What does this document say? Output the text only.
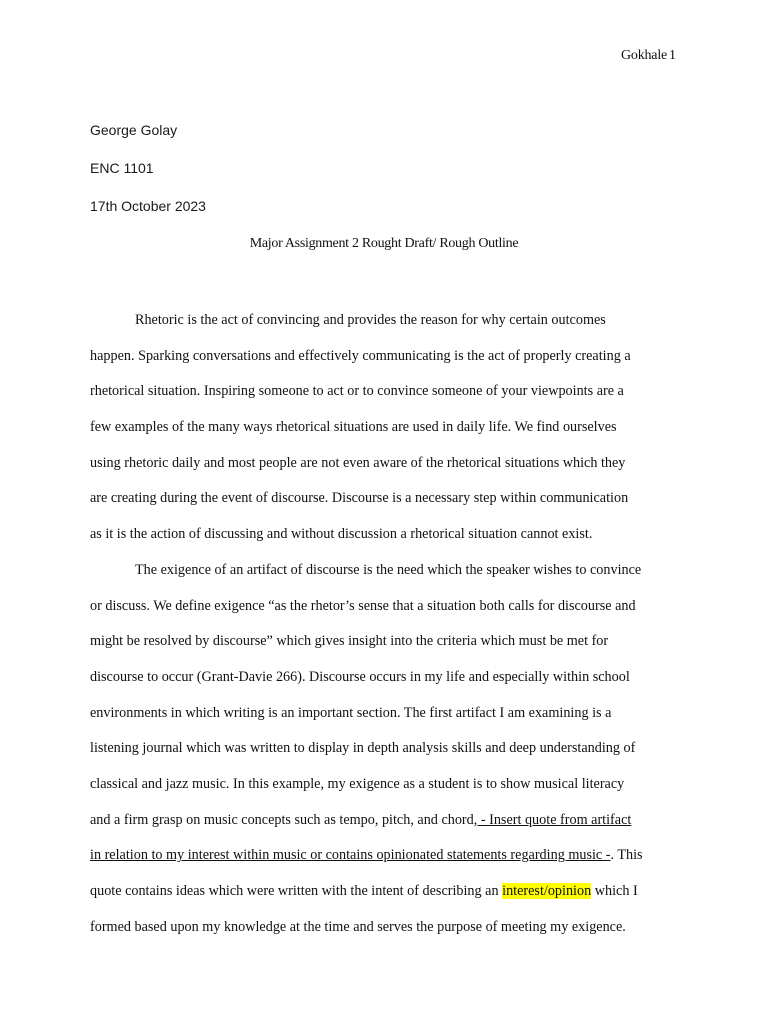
Gokhale 1
George Golay
ENC 1101
17th October 2023
Major Assignment 2 Rought Draft/ Rough Outline
Rhetoric is the act of convincing and provides the reason for why certain outcomes
happen. Sparking conversations and effectively communicating is the act of properly creating a
rhetorical situation. Inspiring someone to act or to convince someone of your viewpoints are a
few examples of the many ways rhetorical situations are used in daily life. We find ourselves
using rhetoric daily and most people are not even aware of the rhetorical situations which they
are creating during the event of discourse. Discourse is a necessary step within communication
as it is the action of discussing and without discussion a rhetorical situation cannot exist.
The exigence of an artifact of discourse is the need which the speaker wishes to convince
or discuss. We define exigence “as the rhetor’s sense that a situation both calls for discourse and
might be resolved by discourse” which gives insight into the criteria which must be met for
discourse to occur (Grant-Davie 266). Discourse occurs in my life and especially within school
environments in which writing is an important section. The first artifact I am examining is a
listening journal which was written to display in depth analysis skills and deep understanding of
classical and jazz music. In this example, my exigence as a student is to show musical literacy
and a firm grasp on music concepts such as tempo, pitch, and chord, - Insert quote from artifact
in relation to my interest within music or contains opinionated statements regarding music -. This
quote contains ideas which were written with the intent of describing an interest/opinion which I
formed based upon my knowledge at the time and serves the purpose of meeting my exigence.
